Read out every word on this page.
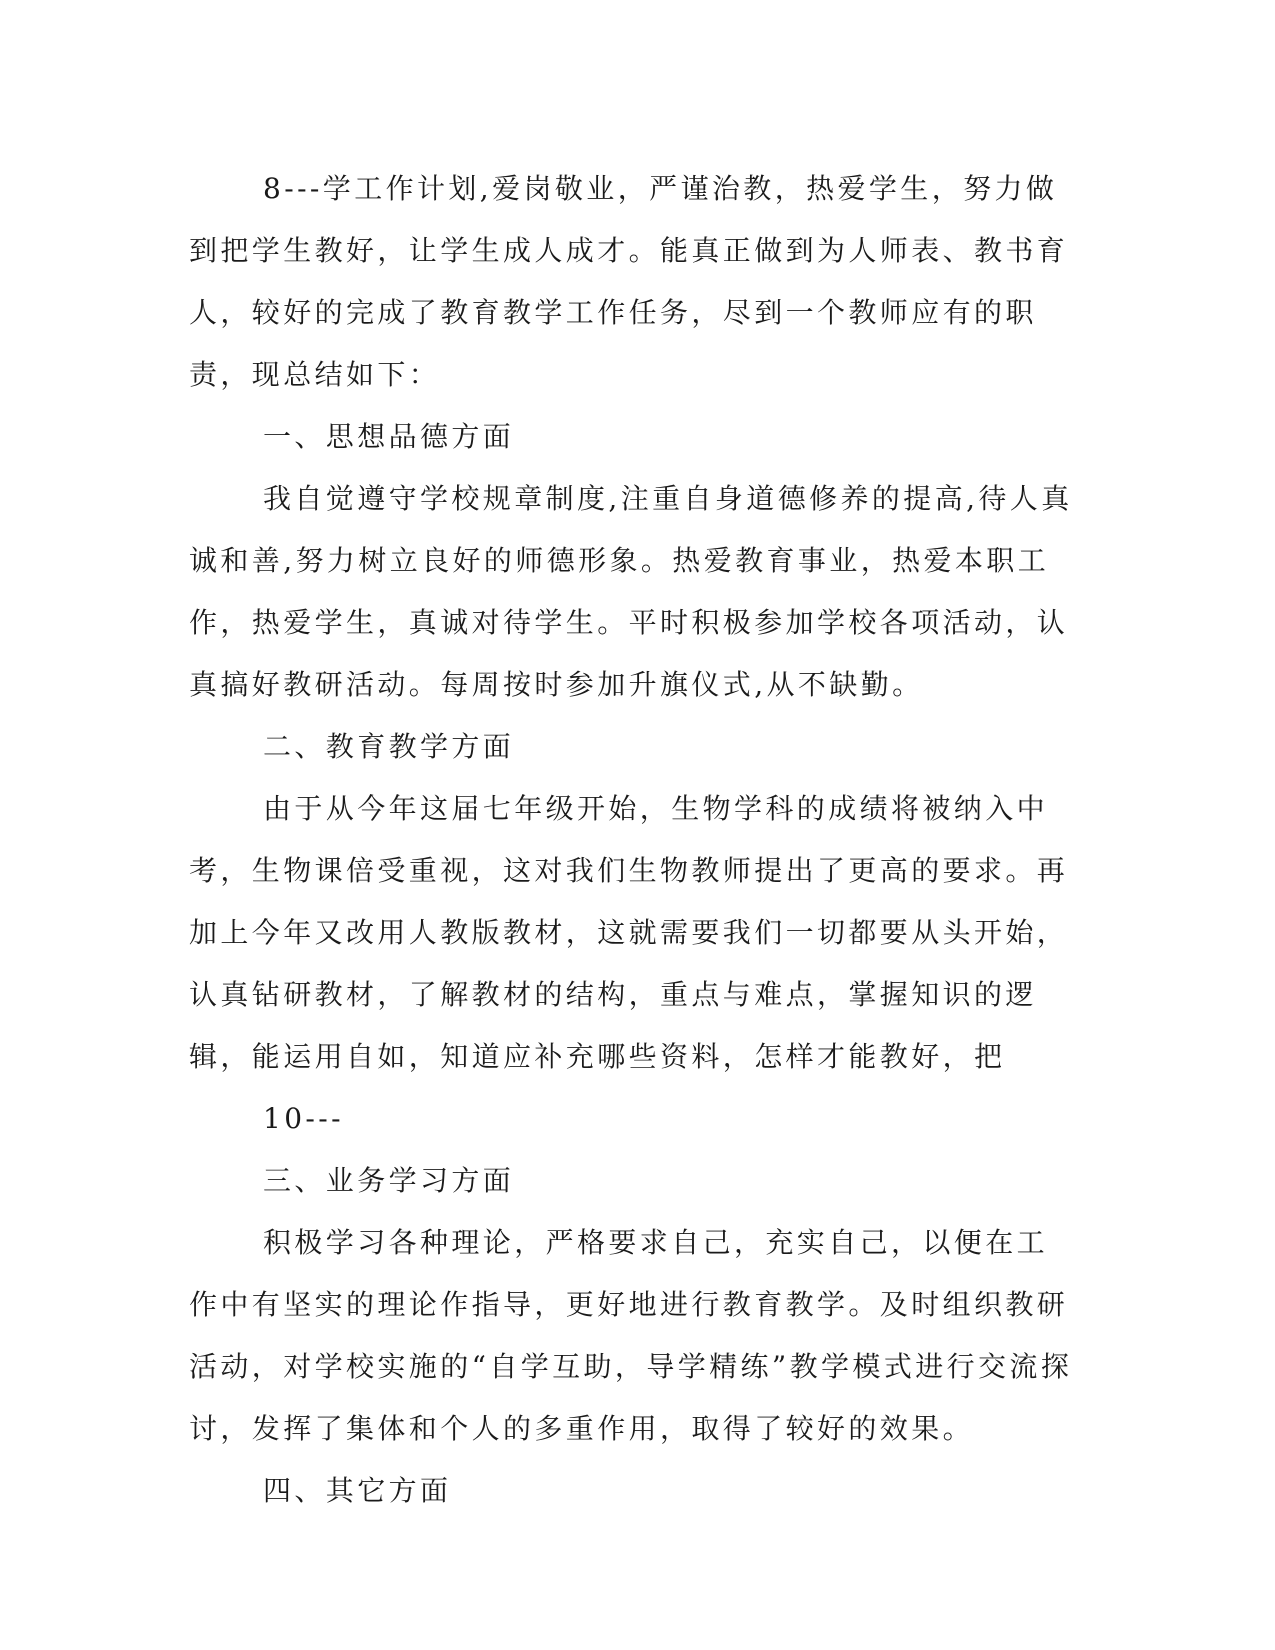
8---学工作计划,爱岗敬业，严谨治教，热爱学生，努力做到把学生教好，让学生成人成才。能真正做到为人师表、教书育人，较好的完成了教育教学工作任务，尽到一个教师应有的职责，现总结如下：

一、思想品德方面

我自觉遵守学校规章制度,注重自身道德修养的提高,待人真诚和善,努力树立良好的师德形象。热爱教育事业，热爱本职工作，热爱学生，真诚对待学生。平时积极参加学校各项活动，认真搞好教研活动。每周按时参加升旗仪式,从不缺勤。

二、教育教学方面

由于从今年这届七年级开始，生物学科的成绩将被纳入中考，生物课倍受重视，这对我们生物教师提出了更高的要求。再加上今年又改用人教版教材，这就需要我们一切都要从头开始，认真钻研教材，了解教材的结构，重点与难点，掌握知识的逻辑，能运用自如，知道应补充哪些资料，怎样才能教好，把

10---

三、业务学习方面

积极学习各种理论，严格要求自己，充实自己，以便在工作中有坚实的理论作指导，更好地进行教育教学。及时组织教研活动，对学校实施的“自学互助，导学精练”教学模式进行交流探讨，发挥了集体和个人的多重作用，取得了较好的效果。

四、其它方面
